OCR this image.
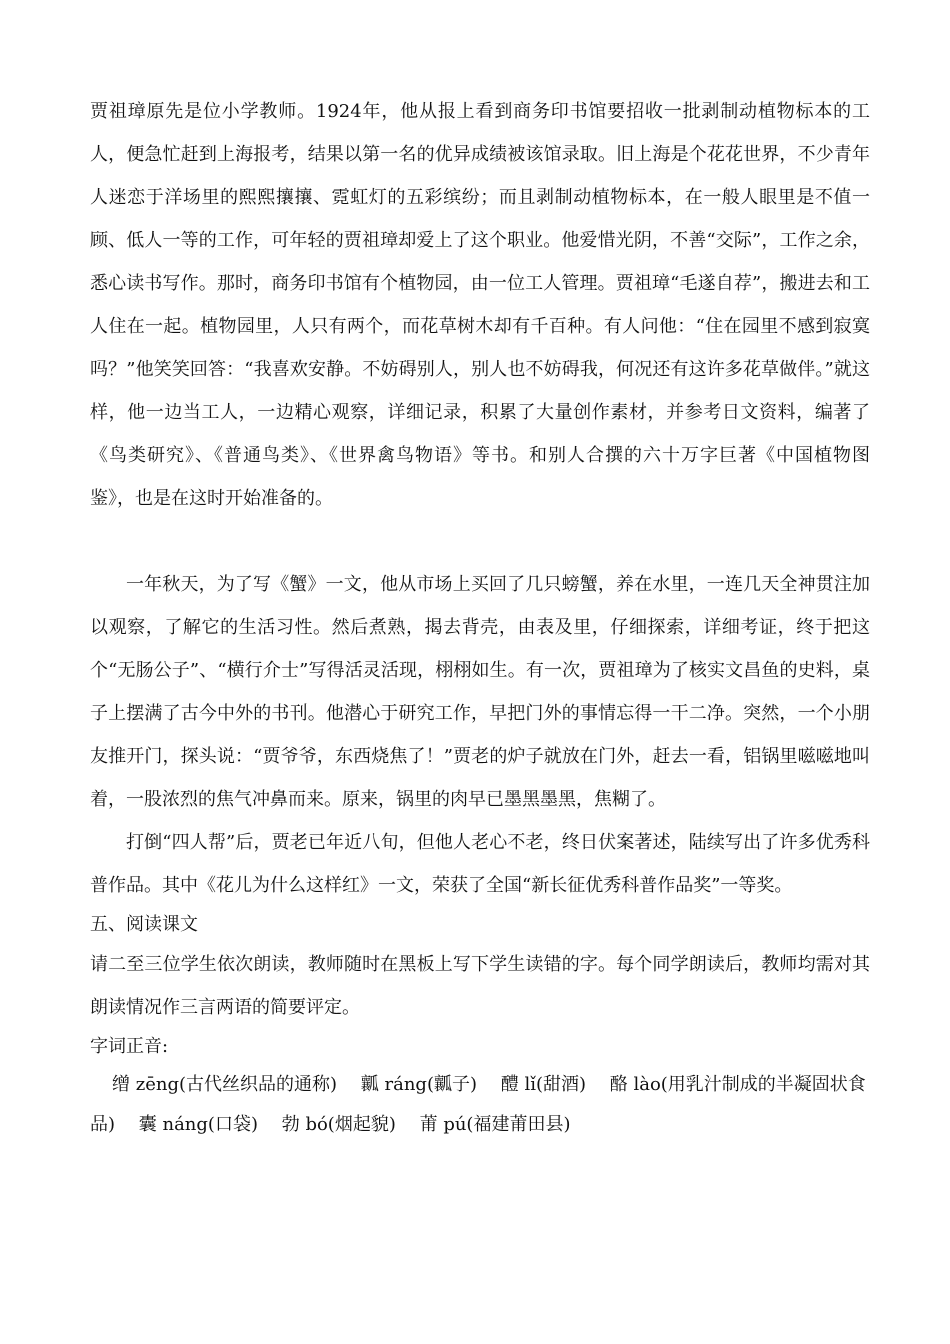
贾祖璋原先是位小学教师。1924年，他从报上看到商务印书馆要招收一批剥制动植物标本的工人，便急忙赶到上海报考，结果以第一名的优异成绩被该馆录取。旧上海是个花花世界，不少青年人迷恋于洋场里的熙熙攘攘、霓虹灯的五彩缤纷；而且剥制动植物标本，在一般人眼里是不值一顾、低人一等的工作，可年轻的贾祖璋却爱上了这个职业。他爱惜光阴，不善“交际”，工作之余，悉心读书写作。那时，商务印书馆有个植物园，由一位工人管理。贾祖璋“毛遂自荐”，搬进去和工人住在一起。植物园里，人只有两个，而花草树木却有千百种。有人问他：“住在园里不感到寂寞吗？”他笑笑回答：“我喜欢安静。不妨碍别人，别人也不妨碍我，何况还有这许多花草做伴。”就这样，他一边当工人，一边精心观察，详细记录，积累了大量创作素材，并参考日文资料，编著了《鸟类研究》、《普通鸟类》、《世界禽鸟物语》等书。和别人合撰的六十万字巨著《中国植物图鉴》，也是在这时开始准备的。

一年秋天，为了写《蟹》一文，他从市场上买回了几只螃蟹，养在水里，一连几天全神贯注加以观察，了解它的生活习性。然后煮熟，揭去背壳，由表及里，仔细探索，详细考证，终于把这个“无肠公子”、“横行介士”写得活灵活现，栩栩如生。有一次，贾祖璋为了核实文昌鱼的史料，桌子上摆满了古今中外的书刊。他潜心于研究工作，早把门外的事情忘得一干二净。突然，一个小朋友推开门，探头说：“贾爷爷，东西烧焦了！”贾老的炉子就放在门外，赶去一看，铝锅里嗞嗞地叫着，一股浓烈的焦气冲鼻而来。原来，锅里的肉早已墨黑墨黑，焦糊了。

打倒“四人帮”后，贾老已年近八旬，但他人老心不老，终日伏案著述，陆续写出了许多优秀科普作品。其中《花儿为什么这样红》一文，荣获了全国“新长征优秀科普作品奖”一等奖。

五、阅读课文

请二至三位学生依次朗读，教师随时在黑板上写下学生读错的字。每个同学朗读后，教师均需对其朗读情况作三言两语的简要评定。

字词正音:

缯 zēng(古代丝织品的通称) 瓤 ráng(瓤子) 醴 lǐ(甜酒) 酪 lào(用乳汁制成的半凝固状食品) 囊 náng(口袋) 勃 bó(烟起貌) 莆 pú(福建莆田县)
